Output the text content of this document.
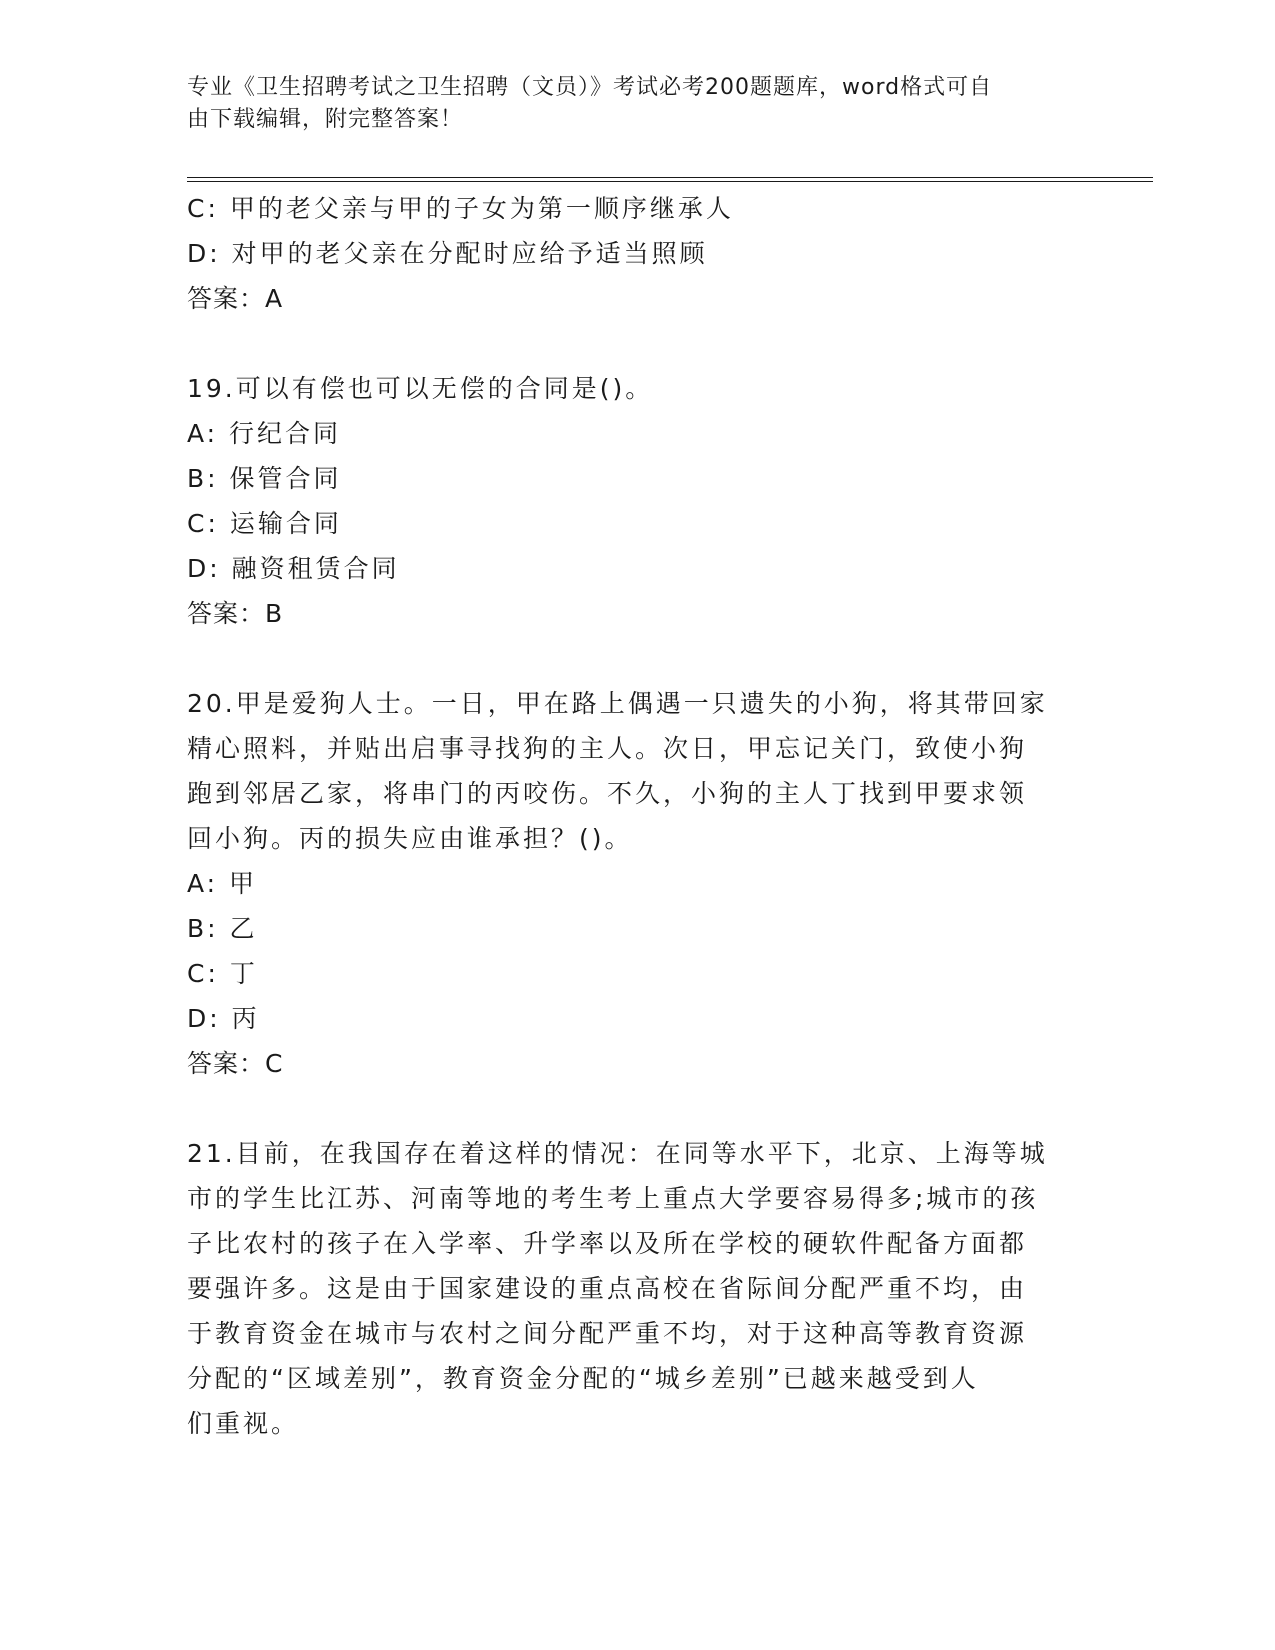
专业《卫生招聘考试之卫生招聘（文员）》考试必考200题题库，word格式可自
由下载编辑，附完整答案！
C: 甲的老父亲与甲的子女为第一顺序继承人
D: 对甲的老父亲在分配时应给予适当照顾
答案：A
19.可以有偿也可以无偿的合同是()。
A: 行纪合同
B: 保管合同
C: 运输合同
D: 融资租赁合同
答案：B
20.甲是爱狗人士。一日，甲在路上偶遇一只遗失的小狗，将其带回家
精心照料，并贴出启事寻找狗的主人。次日，甲忘记关门，致使小狗
跑到邻居乙家，将串门的丙咬伤。不久，小狗的主人丁找到甲要求领
回小狗。丙的损失应由谁承担？()。
A: 甲
B: 乙
C: 丁
D: 丙
答案：C
21.目前，在我国存在着这样的情况：在同等水平下，北京、上海等城
市的学生比江苏、河南等地的考生考上重点大学要容易得多;城市的孩
子比农村的孩子在入学率、升学率以及所在学校的硬软件配备方面都
要强许多。这是由于国家建设的重点高校在省际间分配严重不均，由
于教育资金在城市与农村之间分配严重不均，对于这种高等教育资源
分配的“区域差别”，教育资金分配的“城乡差别”已越来越受到人
们重视。
